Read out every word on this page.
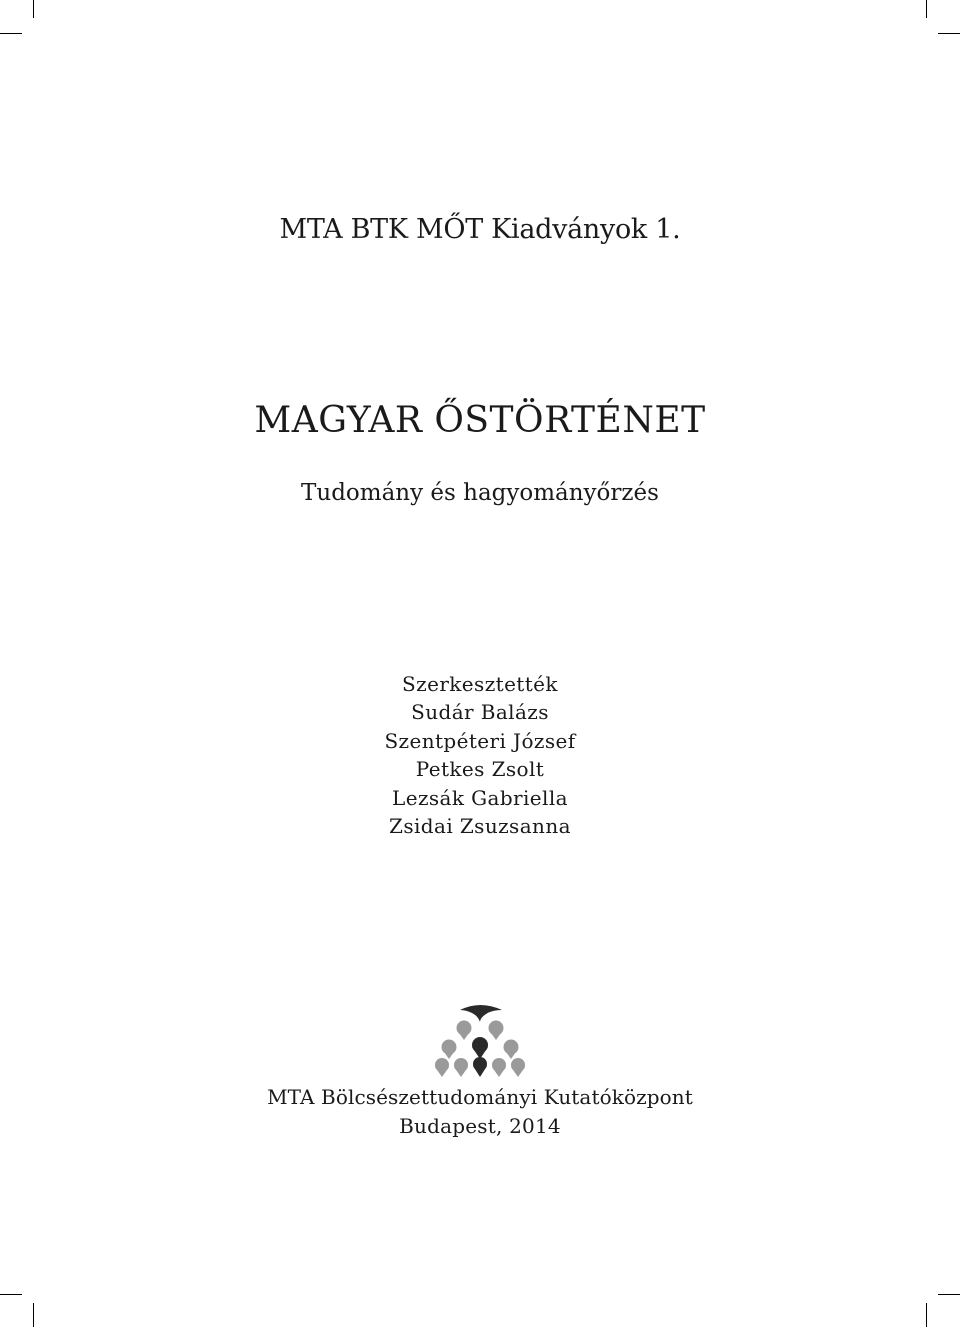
MTA BTK MŐT Kiadványok 1.
MAGYAR ŐSTÖRTÉNET
Tudomány és hagyományőrzés
Szerkesztették
Sudár Balázs
Szentpéteri József
Petkes Zsolt
Lezsák Gabriella
Zsidai Zsuzsanna
MTA Bölcsészettudományi Kutatóközpont
Budapest, 2014
